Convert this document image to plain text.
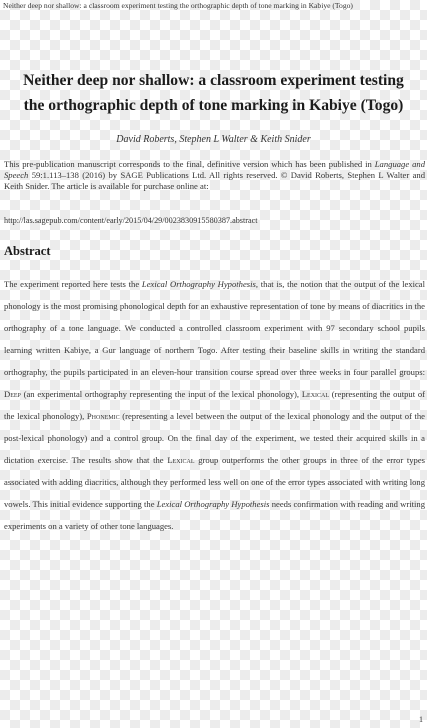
Neither deep nor shallow: a classroom experiment testing the orthographic depth of tone marking in Kabiye (Togo)
Neither deep nor shallow: a classroom experiment testing
the orthographic depth of tone marking in Kabiye (Togo)
David Roberts, Stephen L Walter & Keith Snider
This pre-publication manuscript corresponds to the final, definitive version which has been published in Language and Speech 59:1.113–138 (2016) by SAGE Publications Ltd. All rights reserved. © David Roberts, Stephen L Walter and Keith Snider. The article is available for purchase online at:
http://las.sagepub.com/content/early/2015/04/29/0023830915580387.abstract
Abstract
The experiment reported here tests the Lexical Orthography Hypothesis, that is, the notion that the output of the lexical phonology is the most promising phonological depth for an exhaustive representation of tone by means of diacritics in the orthography of a tone language. We conducted a controlled classroom experiment with 97 secondary school pupils learning written Kabiye, a Gur language of northern Togo. After testing their baseline skills in writing the standard orthography, the pupils participated in an eleven-hour transition course spread over three weeks in four parallel groups: Deep (an experimental orthography representing the input of the lexical phonology), Lexical (representing the output of the lexical phonology), Phonemic (representing a level between the output of the lexical phonology and the output of the post-lexical phonology) and a control group. On the final day of the experiment, we tested their acquired skills in a dictation exercise. The results show that the Lexical group outperforms the other groups in three of the error types associated with adding diacritics, although they performed less well on one of the error types associated with writing long vowels. This initial evidence supporting the Lexical Orthography Hypothesis needs confirmation with reading and writing experiments on a variety of other tone languages.
1
